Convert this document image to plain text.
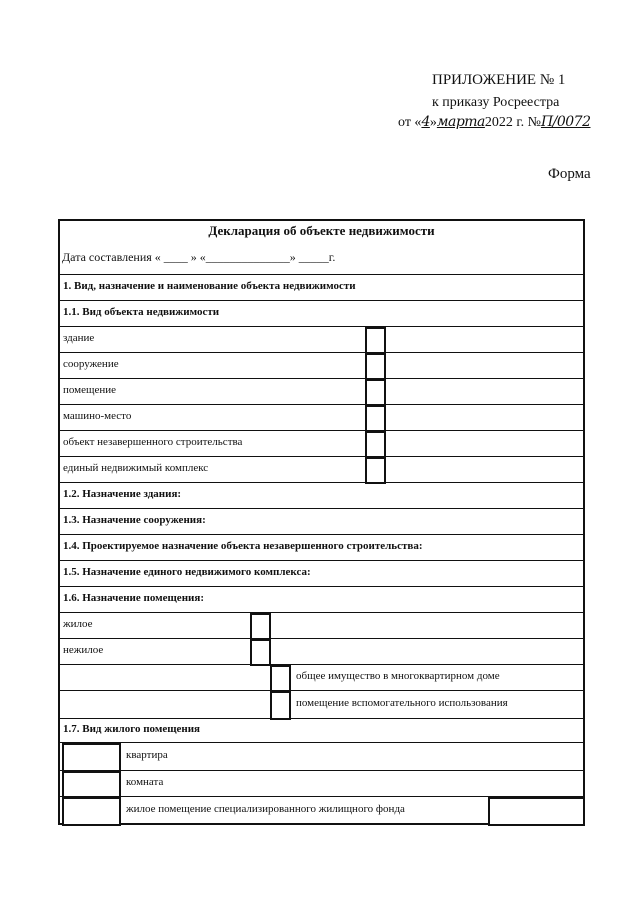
ПРИЛОЖЕНИЕ № 1
к приказу Росреестра
от «4»марта2022 г. №П/0072
Форма
Декларация об объекте недвижимости
Дата составления « ____ » «______________» _____г.
1. Вид, назначение и наименование объекта недвижимости
1.1. Вид объекта недвижимости
здание
сооружение
помещение
машино-место
объект незавершенного строительства
единый недвижимый комплекс
1.2. Назначение здания:
1.3. Назначение сооружения:
1.4. Проектируемое назначение объекта незавершенного строительства:
1.5. Назначение единого недвижимого комплекса:
1.6. Назначение помещения:
жилое
нежилое
общее имущество в многоквартирном доме
помещение вспомогательного использования
1.7. Вид жилого помещения
квартира
комната
жилое помещение специализированного жилищного фонда
